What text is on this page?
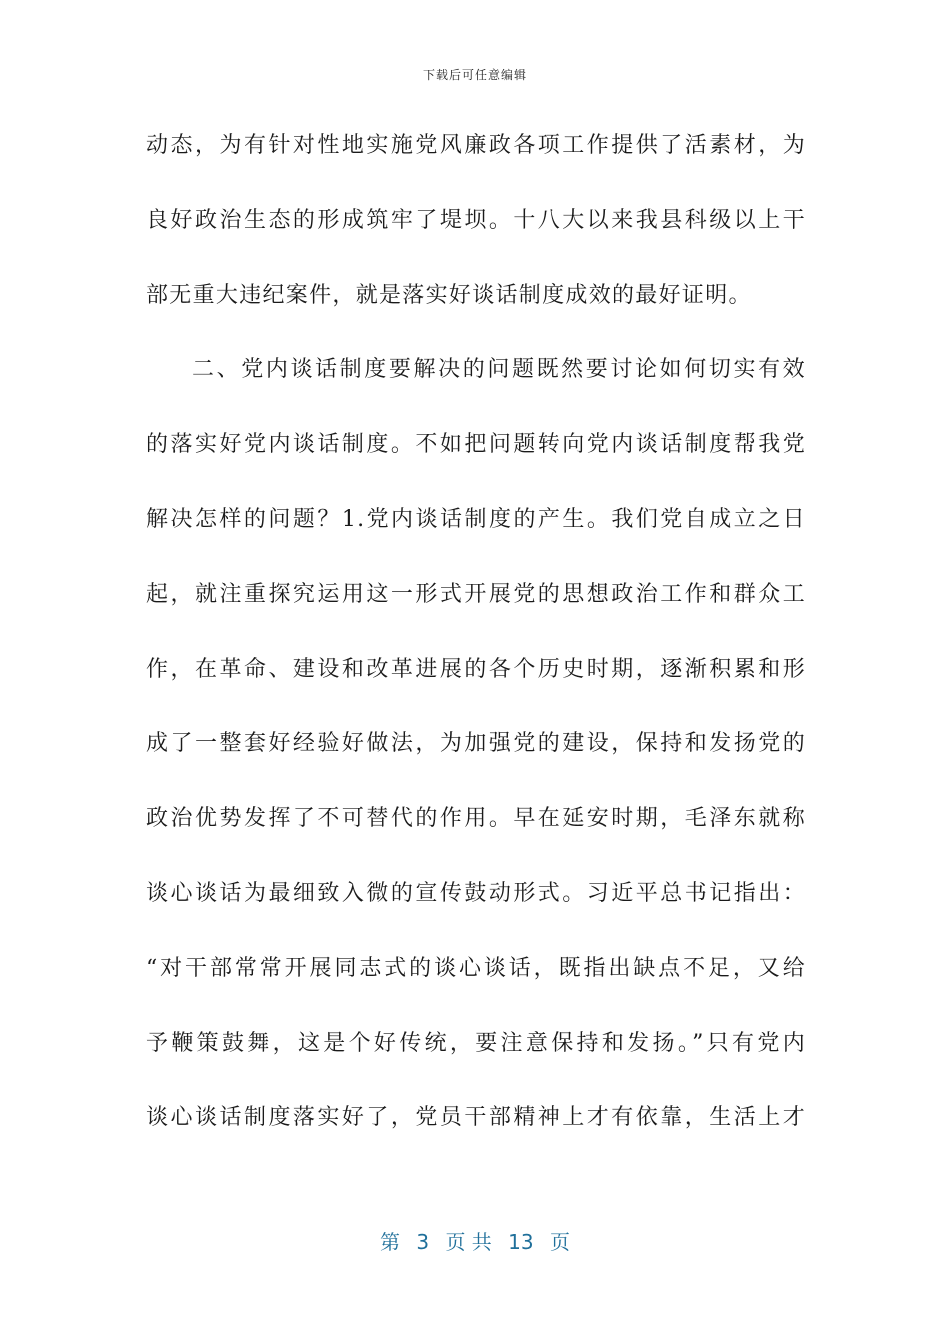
下载后可任意编辑
动态，为有针对性地实施党风廉政各项工作提供了活素材，为
良好政治生态的形成筑牢了堤坝。十八大以来我县科级以上干
部无重大违纪案件，就是落实好谈话制度成效的最好证明。
二、党内谈话制度要解决的问题既然要讨论如何切实有效
的落实好党内谈话制度。不如把问题转向党内谈话制度帮我党
解决怎样的问题？1.党内谈话制度的产生。我们党自成立之日
起，就注重探究运用这一形式开展党的思想政治工作和群众工
作，在革命、建设和改革进展的各个历史时期，逐渐积累和形
成了一整套好经验好做法，为加强党的建设，保持和发扬党的
政治优势发挥了不可替代的作用。早在延安时期，毛泽东就称
谈心谈话为最细致入微的宣传鼓动形式。习近平总书记指出：
“对干部常常开展同志式的谈心谈话，既指出缺点不足，又给
予鞭策鼓舞，这是个好传统，要注意保持和发扬。”只有党内
谈心谈话制度落实好了，党员干部精神上才有依靠，生活上才
第 3 页 共 13 页
